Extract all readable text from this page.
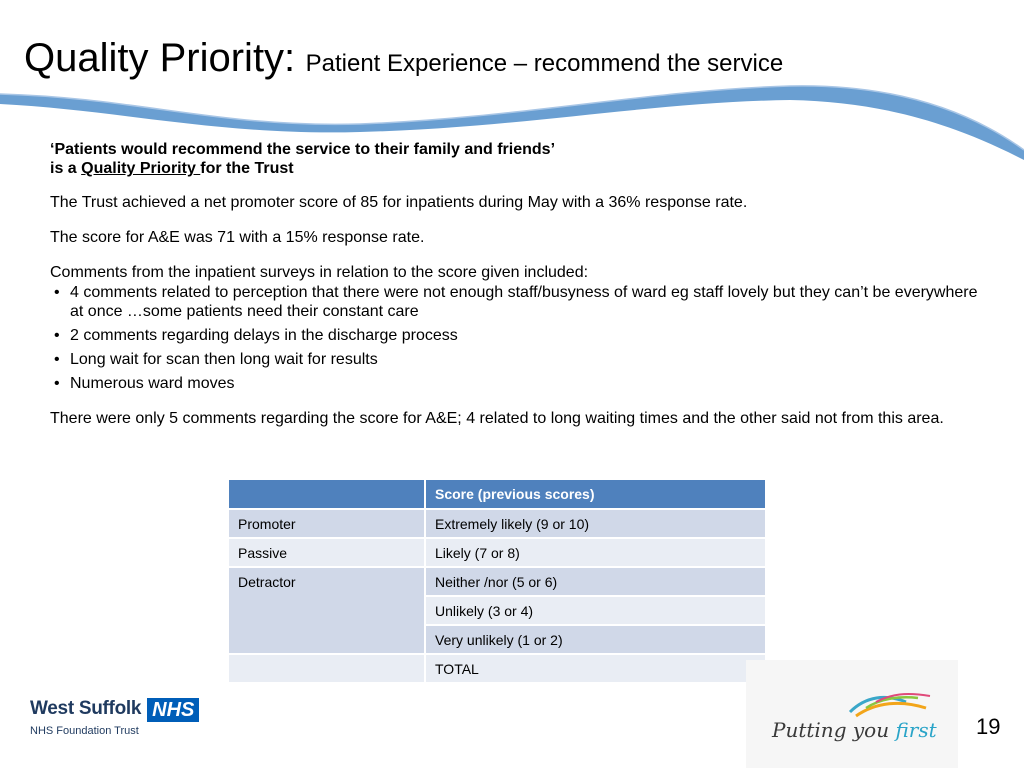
Quality Priority: Patient Experience – recommend the service

‘Patients would recommend the service to their family and friends’

is a Quality Priority for the Trust

The Trust achieved a net promoter score of 85 for inpatients during May with a 36% response rate.

The score for A&E was 71 with a 15% response rate.

Comments from the inpatient surveys in relation to the score given included:

• 4 comments related to perception that there were not enough staff/busyness of ward eg staff lovely but they can’t be everywhere at once …some patients need their constant care
• 2 comments regarding delays in the discharge process
• Long wait for scan then long wait for results
• Numerous ward moves

There were only 5 comments regarding the score for A&E; 4 related to long waiting times and the other said not from this area.

	Score (previous scores)
Promoter	Extremely likely (9 or 10)
Passive	Likely (7 or 8)
Detractor	Neither /nor (5 or 6)
	Unlikely (3 or 4)
	Very unlikely (1 or 2)
	TOTAL
West Suffolk NHS
NHS Foundation Trust	Putting you first 19
